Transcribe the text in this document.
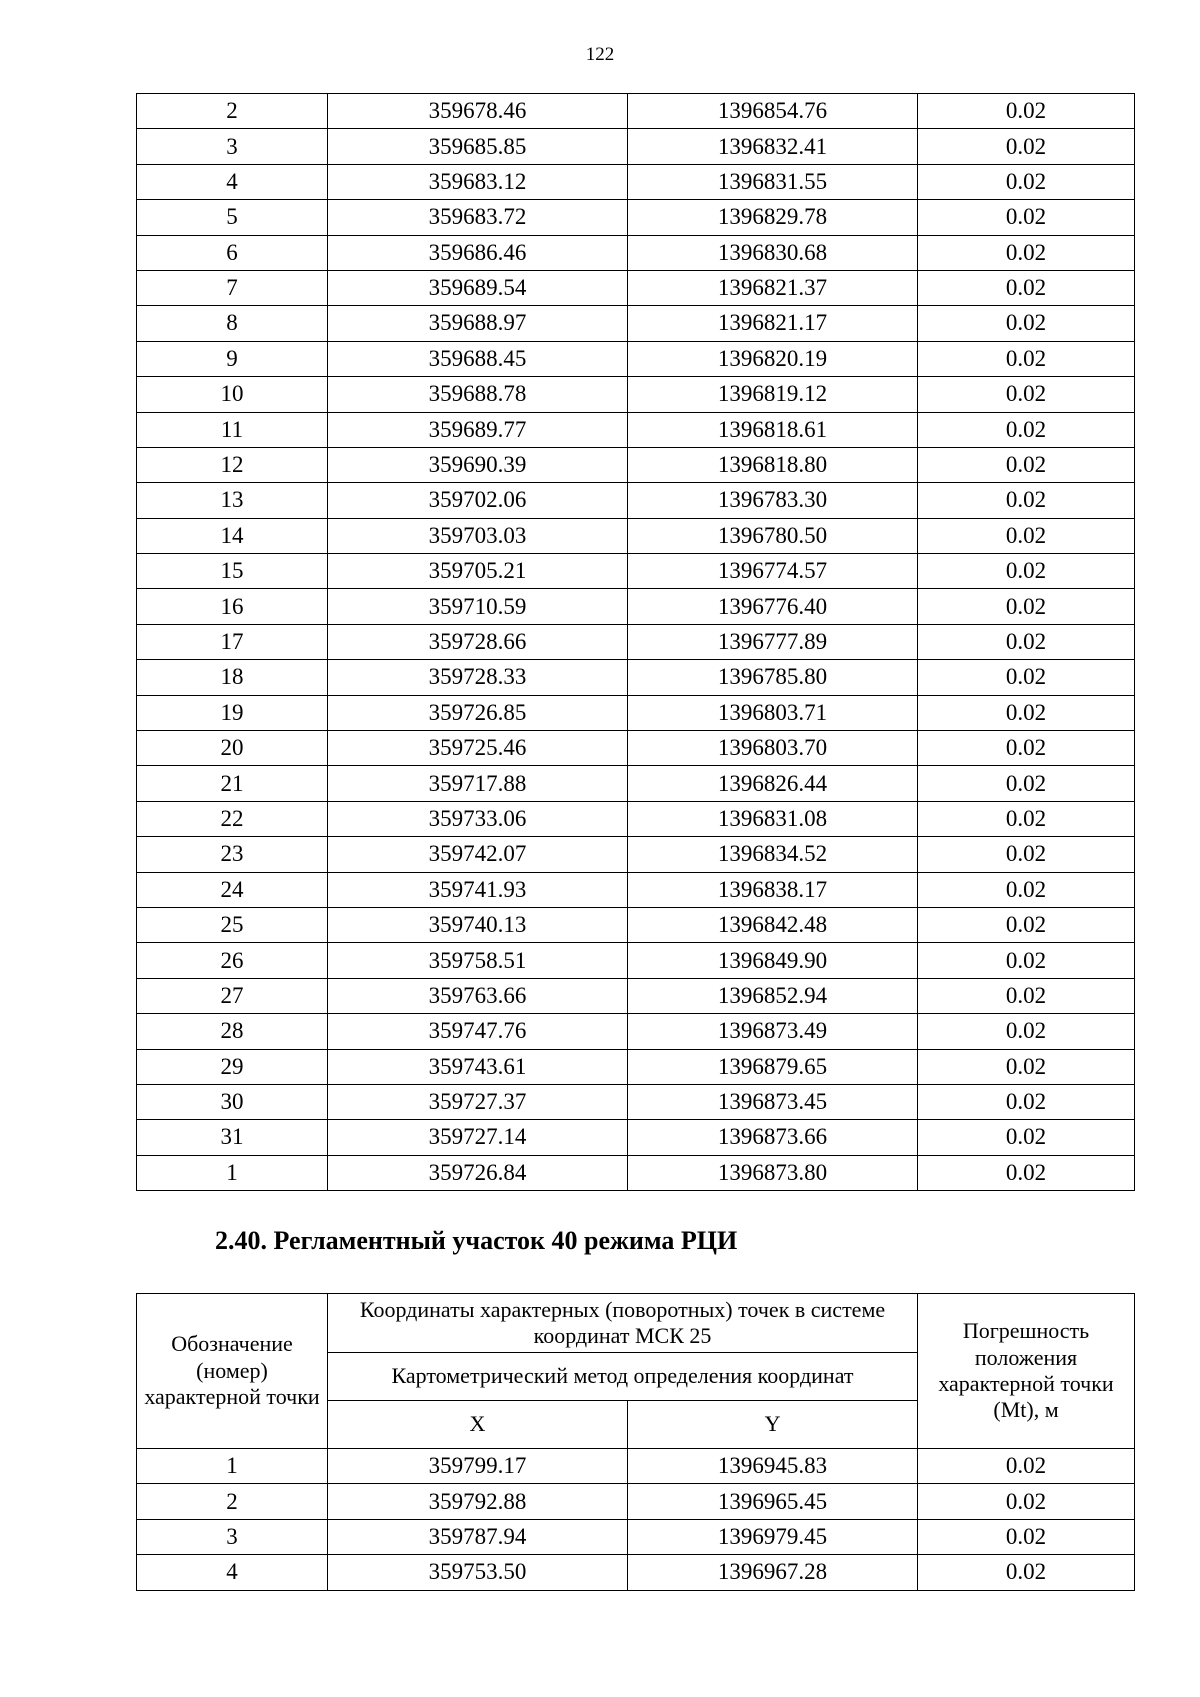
122
2	359678.46	1396854.76	0.02
3	359685.85	1396832.41	0.02
4	359683.12	1396831.55	0.02
5	359683.72	1396829.78	0.02
6	359686.46	1396830.68	0.02
7	359689.54	1396821.37	0.02
8	359688.97	1396821.17	0.02
9	359688.45	1396820.19	0.02
10	359688.78	1396819.12	0.02
11	359689.77	1396818.61	0.02
12	359690.39	1396818.80	0.02
13	359702.06	1396783.30	0.02
14	359703.03	1396780.50	0.02
15	359705.21	1396774.57	0.02
16	359710.59	1396776.40	0.02
17	359728.66	1396777.89	0.02
18	359728.33	1396785.80	0.02
19	359726.85	1396803.71	0.02
20	359725.46	1396803.70	0.02
21	359717.88	1396826.44	0.02
22	359733.06	1396831.08	0.02
23	359742.07	1396834.52	0.02
24	359741.93	1396838.17	0.02
25	359740.13	1396842.48	0.02
26	359758.51	1396849.90	0.02
27	359763.66	1396852.94	0.02
28	359747.76	1396873.49	0.02
29	359743.61	1396879.65	0.02
30	359727.37	1396873.45	0.02
31	359727.14	1396873.66	0.02
1	359726.84	1396873.80	0.02
2.40. Регламентный участок 40 режима РЦИ
Обозначение (номер) характерной точки	Координаты характерных (поворотных) точек в системе координат МСК 25		Погрешность положения характерной точки (Mt), м
	Картометрический метод определения координат		
	X	Y	
1	359799.17	1396945.83	0.02
2	359792.88	1396965.45	0.02
3	359787.94	1396979.45	0.02
4	359753.50	1396967.28	0.02
